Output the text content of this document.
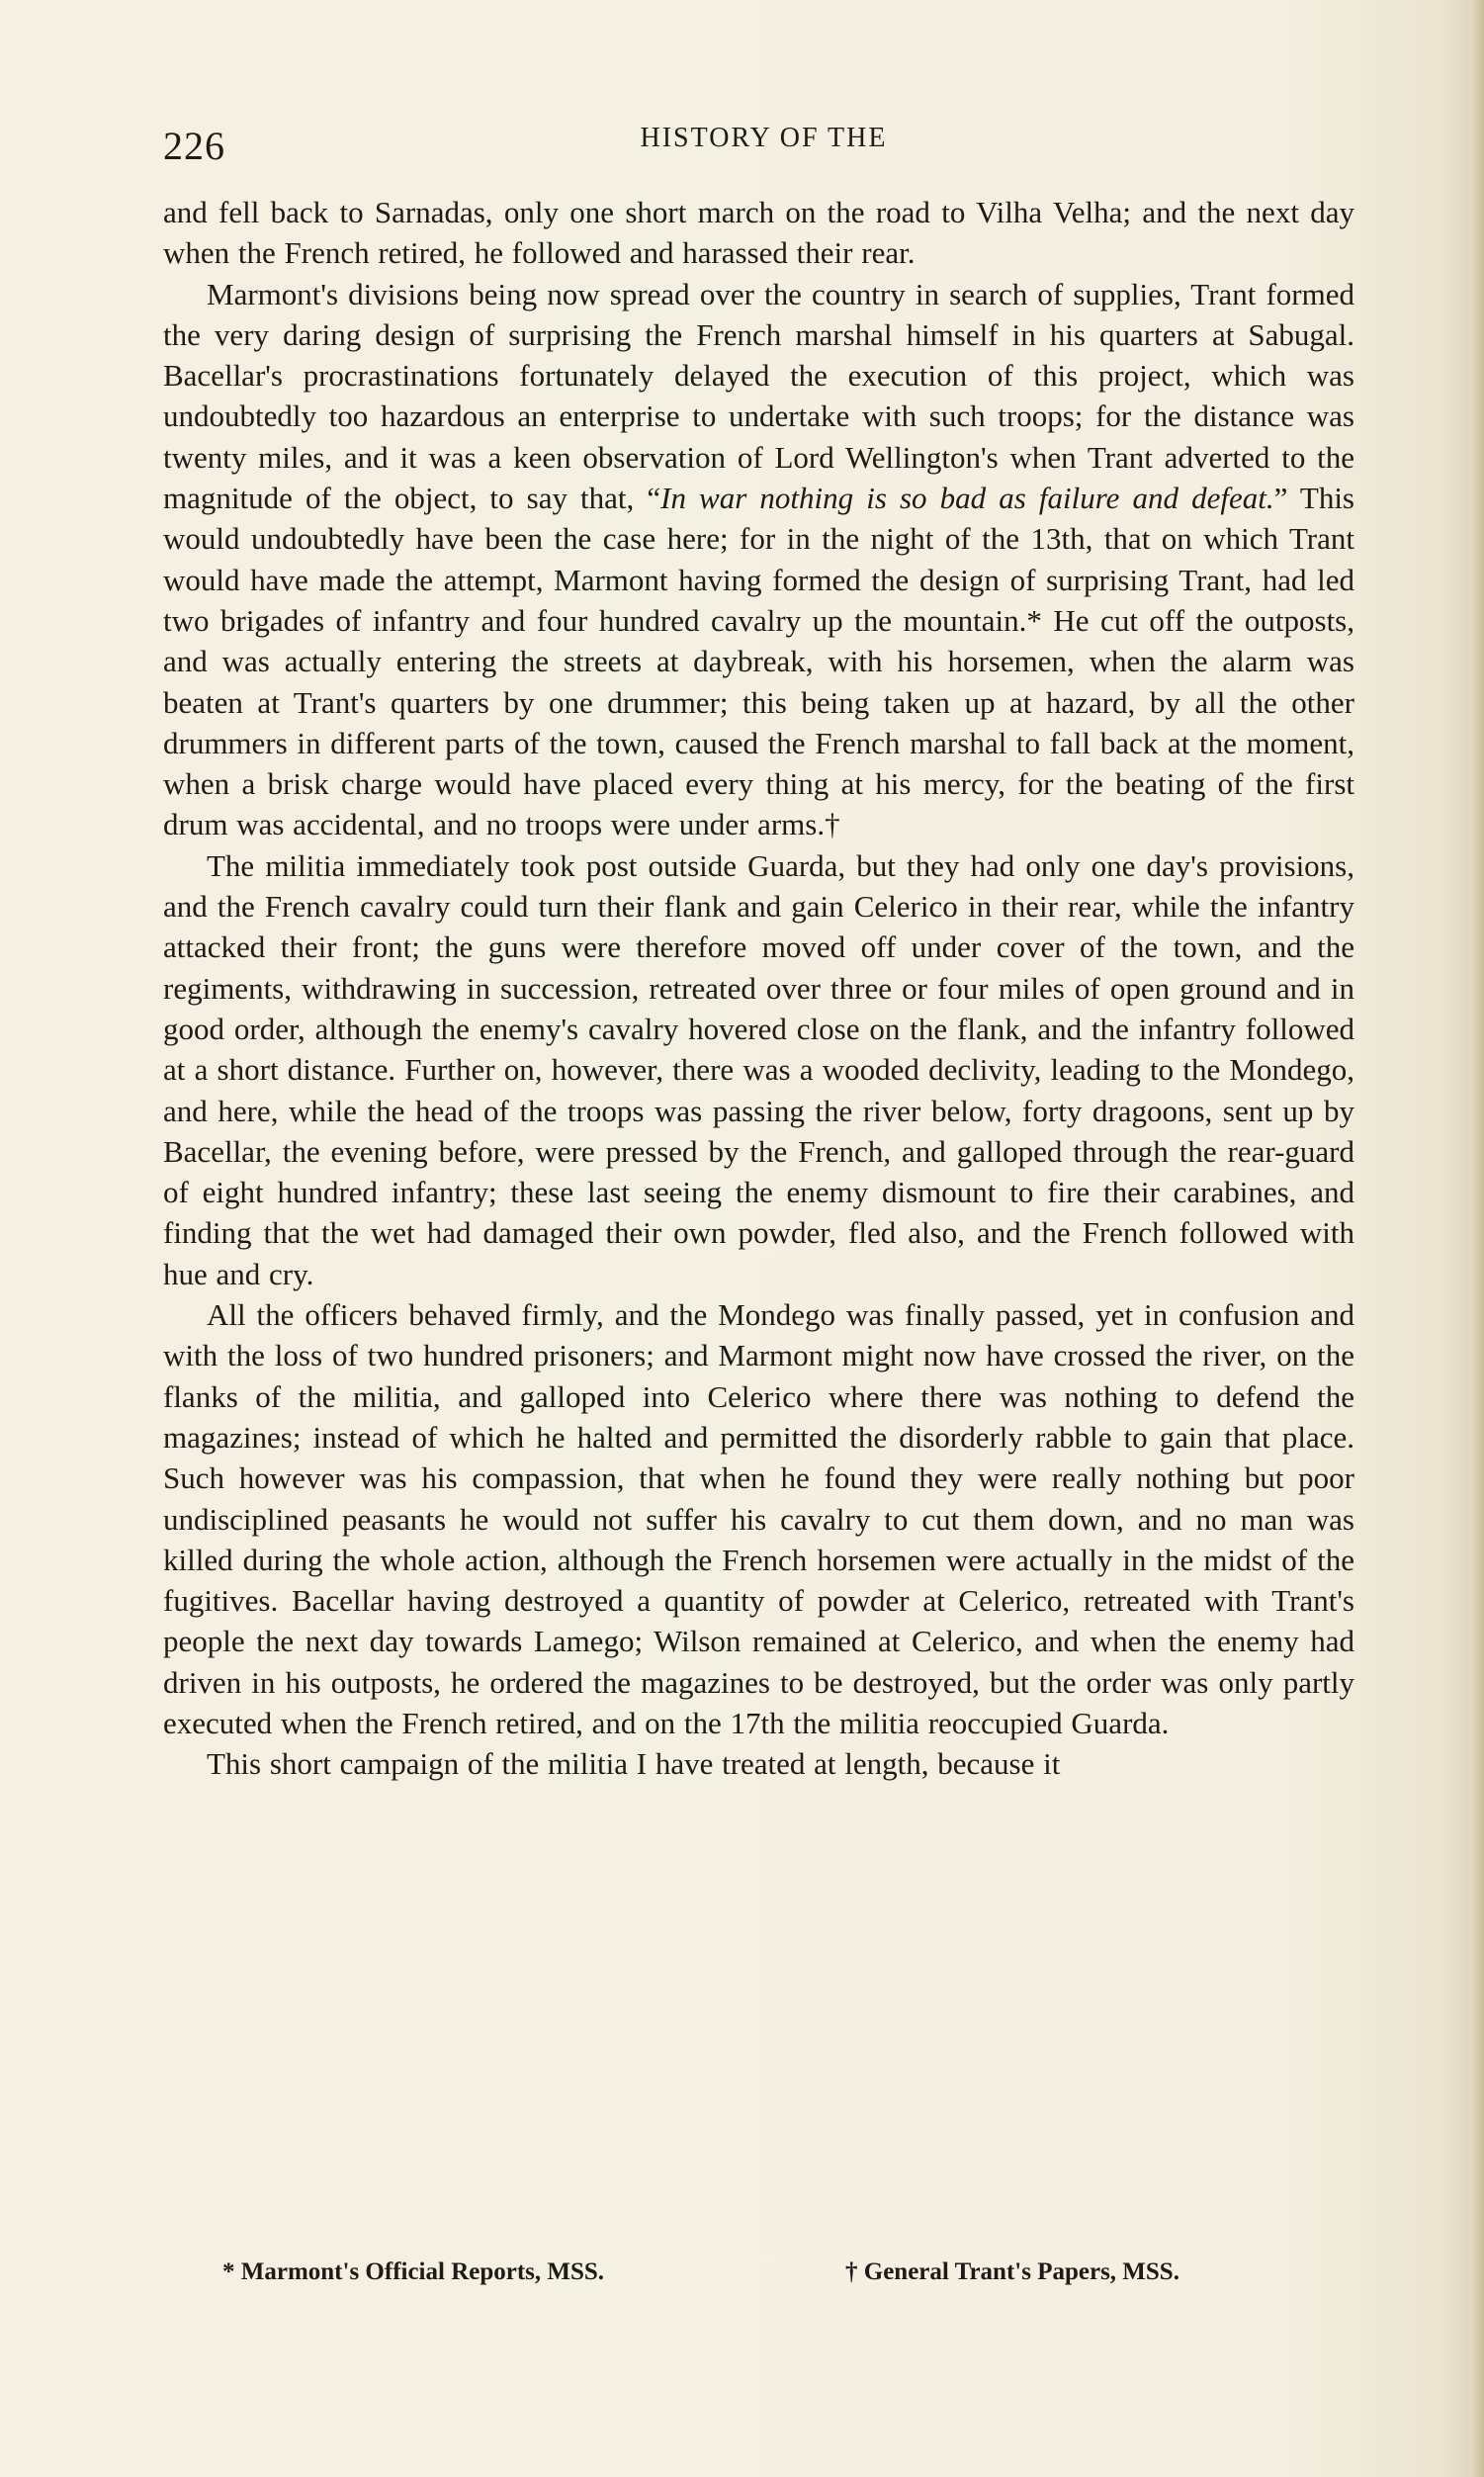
226	HISTORY OF THE

and fell back to Sarnadas, only one short march on the road to Vilha Velha; and the next day when the French retired, he followed and harassed their rear.

Marmont's divisions being now spread over the country in search of supplies, Trant formed the very daring design of surprising the French marshal himself in his quarters at Sabugal. Bacellar's procrastinations fortunately delayed the execution of this project, which was undoubtedly too hazardous an enterprise to undertake with such troops; for the distance was twenty miles, and it was a keen observation of Lord Wellington's when Trant adverted to the magnitude of the object, to say that, “In war nothing is so bad as failure and defeat.” This would undoubtedly have been the case here; for in the night of the 13th, that on which Trant would have made the attempt, Marmont having formed the design of surprising Trant, had led two brigades of infantry and four hundred cavalry up the mountain.* He cut off the outposts, and was actually entering the streets at daybreak, with his horsemen, when the alarm was beaten at Trant's quarters by one drummer; this being taken up at hazard, by all the other drummers in different parts of the town, caused the French marshal to fall back at the moment, when a brisk charge would have placed every thing at his mercy, for the beating of the first drum was accidental, and no troops were under arms.†

The militia immediately took post outside Guarda, but they had only one day's provisions, and the French cavalry could turn their flank and gain Celerico in their rear, while the infantry attacked their front; the guns were therefore moved off under cover of the town, and the regiments, withdrawing in succession, retreated over three or four miles of open ground and in good order, although the enemy's cavalry hovered close on the flank, and the infantry followed at a short distance. Further on, however, there was a wooded declivity, leading to the Mondego, and here, while the head of the troops was passing the river below, forty dragoons, sent up by Bacellar, the evening before, were pressed by the French, and galloped through the rear-guard of eight hundred infantry; these last seeing the enemy dismount to fire their carabines, and finding that the wet had damaged their own powder, fled also, and the French followed with hue and cry.

All the officers behaved firmly, and the Mondego was finally passed, yet in confusion and with the loss of two hundred prisoners; and Marmont might now have crossed the river, on the flanks of the militia, and galloped into Celerico where there was nothing to defend the magazines; instead of which he halted and permitted the disorderly rabble to gain that place. Such however was his compassion, that when he found they were really nothing but poor undisciplined peasants he would not suffer his cavalry to cut them down, and no man was killed during the whole action, although the French horsemen were actually in the midst of the fugitives. Bacellar having destroyed a quantity of powder at Celerico, retreated with Trant's people the next day towards Lamego; Wilson remained at Celerico, and when the enemy had driven in his outposts, he ordered the magazines to be destroyed, but the order was only partly executed when the French retired, and on the 17th the militia reoccupied Guarda.

This short campaign of the militia I have treated at length, because it

* Marmont's Official Reports, MSS.	† General Trant's Papers, MSS.
